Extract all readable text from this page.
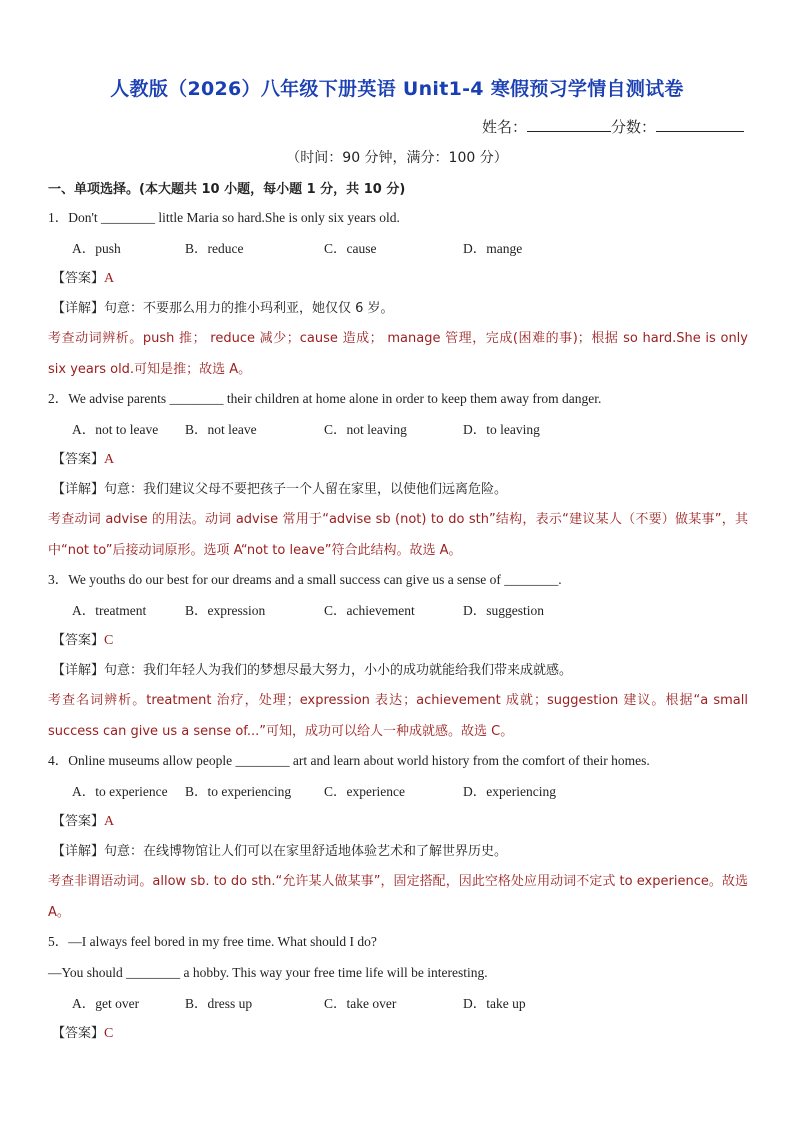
人教版（2026）八年级下册英语 Unit1-4 寒假预习学情自测试卷
姓名：	分数：
（时间：90 分钟，满分：100 分）
一、单项选择。(本大题共 10 小题，每小题 1 分，共 10 分)
1．Don't ________ little Maria so hard.She is only six years old.
A．push	B．reduce	C．cause	D．mange
【答案】A
【详解】句意：不要那么用力的推小玛利亚，她仅仅 6 岁。
考查动词辨析。push 推； reduce 减少；cause 造成； manage 管理，完成(困难的事)；根据 so hard.She is only six years old.可知是推；故选 A。
2．We advise parents ________ their children at home alone in order to keep them away from danger.
A．not to leave	B．not leave	C．not leaving	D．to leaving
【答案】A
【详解】句意：我们建议父母不要把孩子一个人留在家里，以使他们远离危险。
考查动词 advise 的用法。动词 advise 常用于“advise sb (not) to do sth”结构，表示“建议某人（不要）做某事”，其中“not to”后接动词原形。选项 A“not to leave”符合此结构。故选 A。
3．We youths do our best for our dreams and a small success can give us a sense of ________.
A．treatment	B．expression	C．achievement	D．suggestion
【答案】C
【详解】句意：我们年轻人为我们的梦想尽最大努力，小小的成功就能给我们带来成就感。
考查名词辨析。treatment 治疗，处理；expression 表达；achievement 成就；suggestion 建议。根据“a small success can give us a sense of...”可知，成功可以给人一种成就感。故选 C。
4．Online museums allow people ________ art and learn about world history from the comfort of their homes.
A．to experience	B．to experiencing	C．experience	D．experiencing
【答案】A
【详解】句意：在线博物馆让人们可以在家里舒适地体验艺术和了解世界历史。
考查非谓语动词。allow sb. to do sth.“允许某人做某事”，固定搭配，因此空格处应用动词不定式 to experience。故选 A。
5．—I always feel bored in my free time. What should I do?
—You should ________ a hobby. This way your free time life will be interesting.
A．get over	B．dress up	C．take over	D．take up
【答案】C
